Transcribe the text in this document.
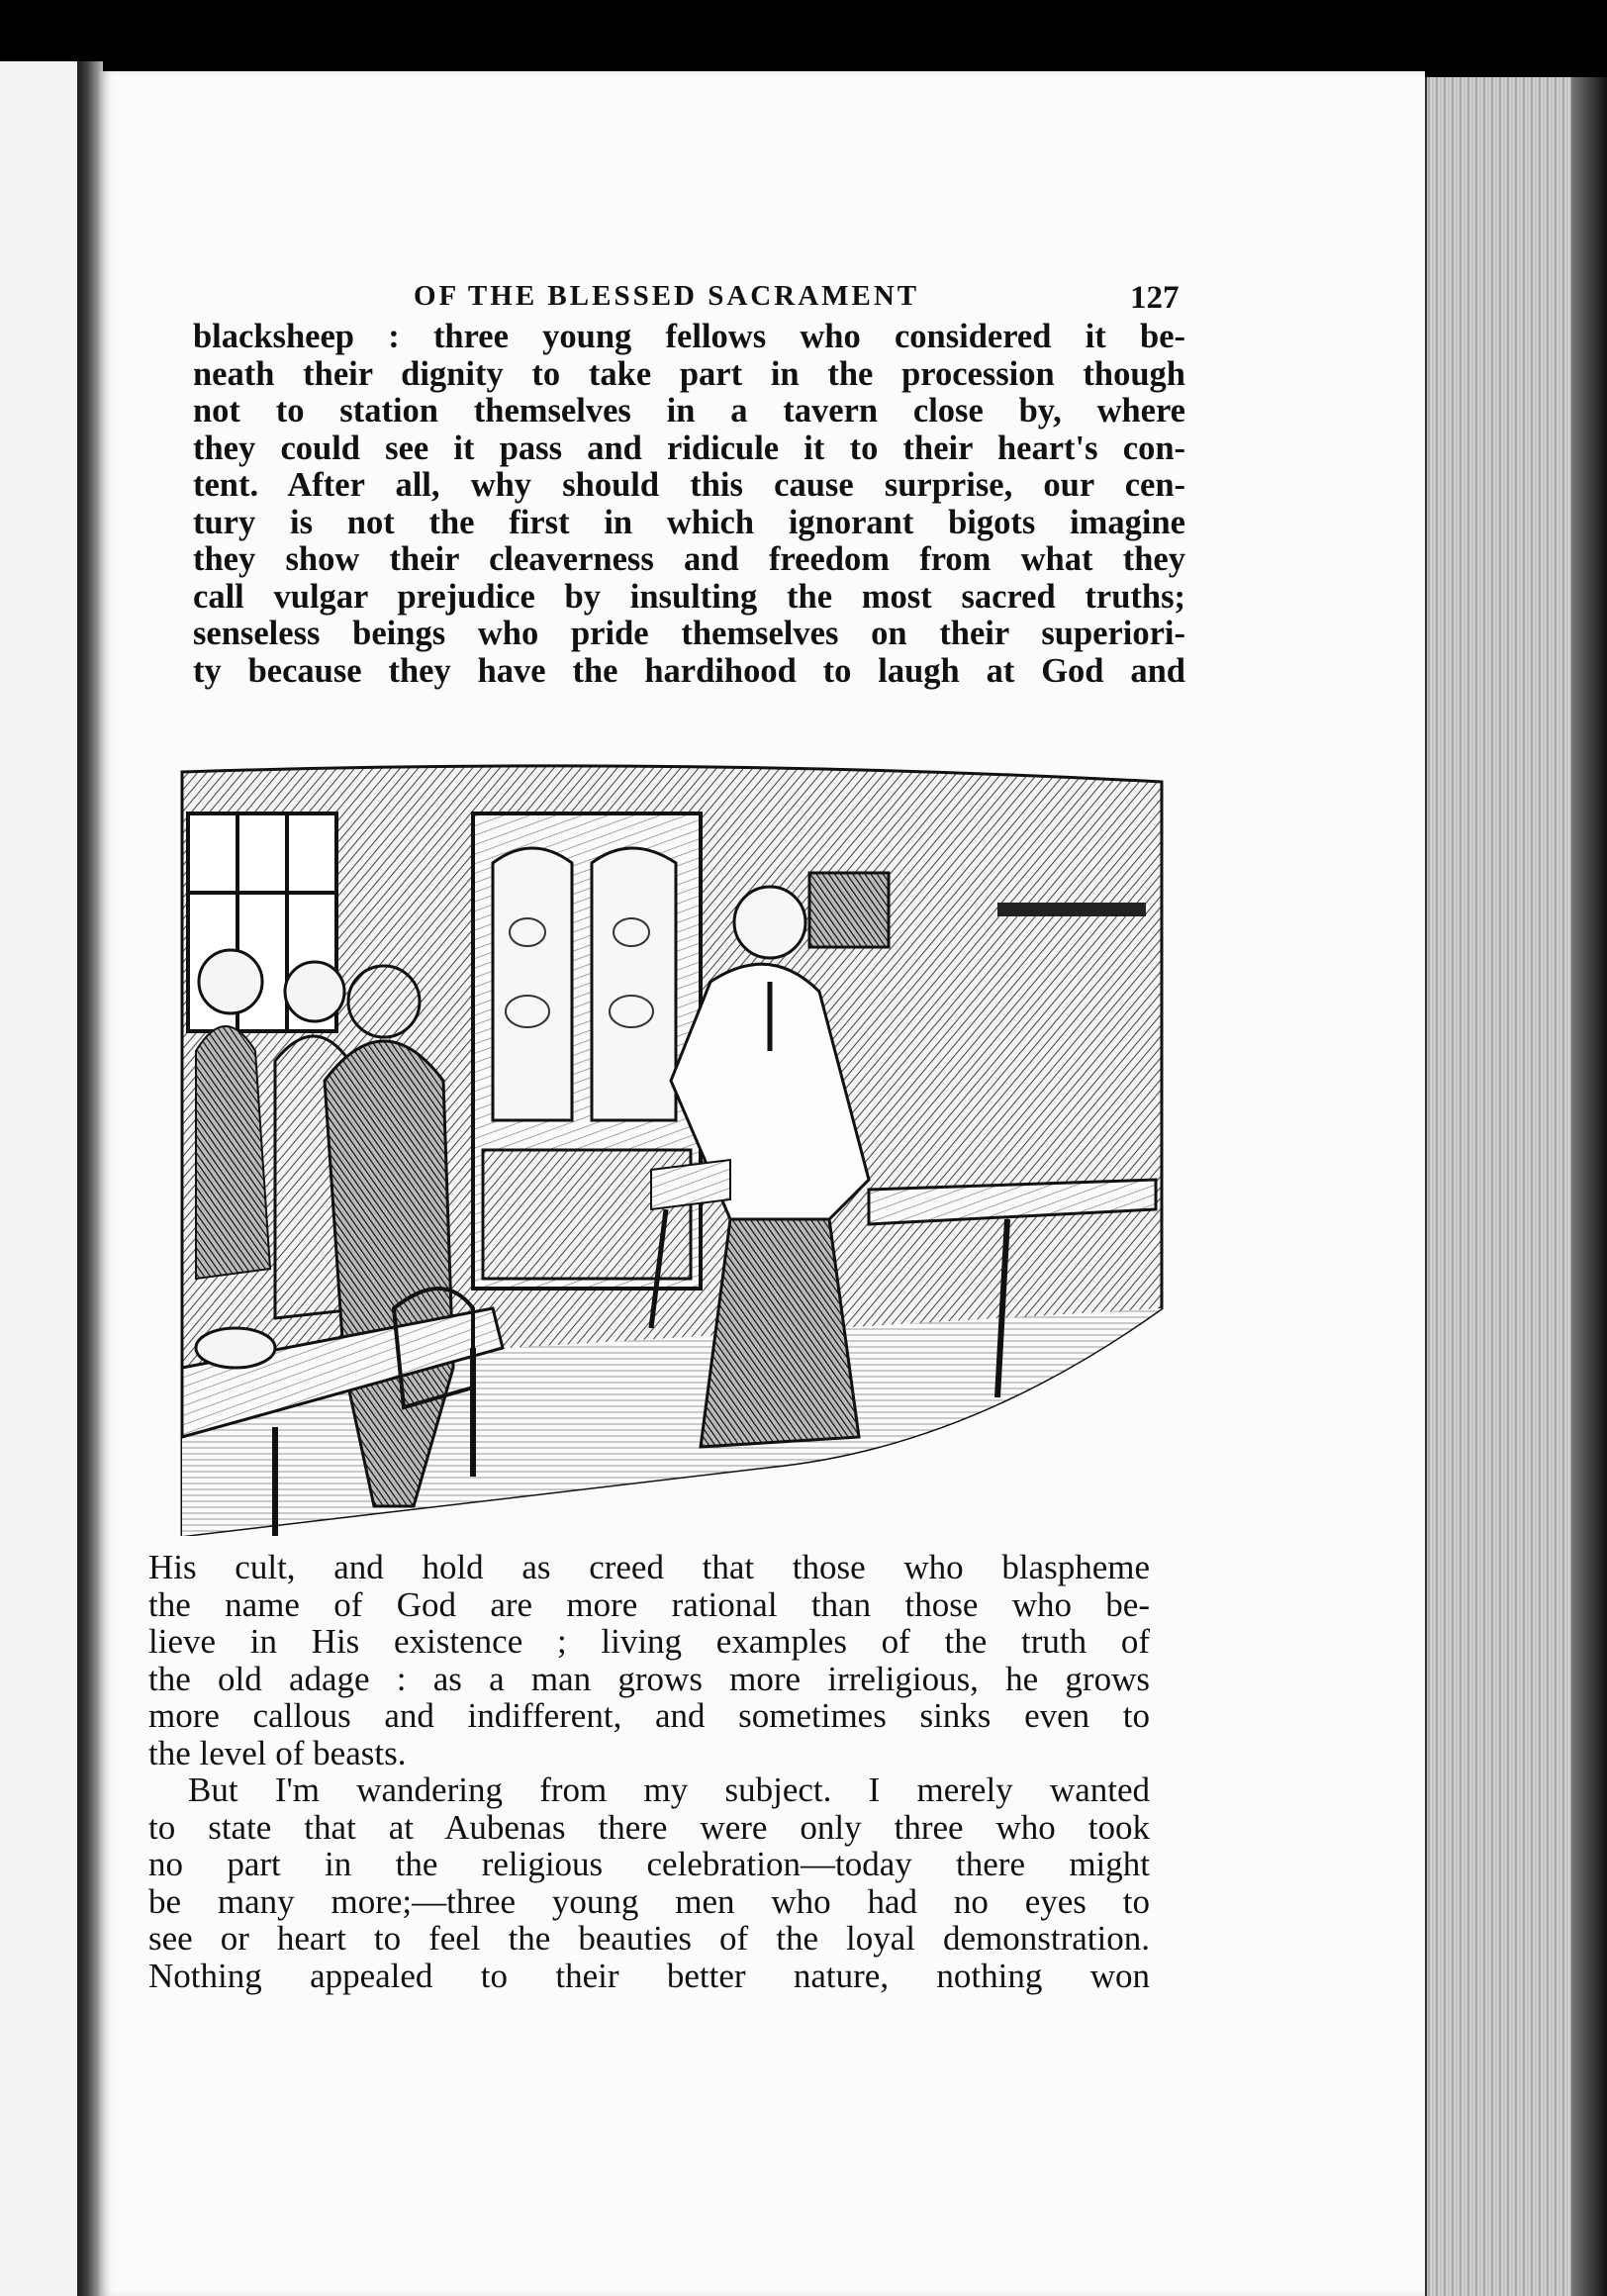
OF THE BLESSED SACRAMENT	127
blacksheep : three young fellows who considered it be-
neath their dignity to take part in the procession though
not to station themselves in a tavern close by, where
they could see it pass and ridicule it to their heart's con-
tent. After all, why should this cause surprise, our cen-
tury is not the first in which ignorant bigots imagine
they show their cleaverness and freedom from what they
call vulgar prejudice by insulting the most sacred truths;
senseless beings who pride themselves on their superiori-
ty because they have the hardihood to laugh at God and
His cult, and hold as creed that those who blaspheme
the name of God are more rational than those who be-
lieve in His existence ; living examples of the truth of
the old adage : as a man grows more irreligious, he grows
more callous and indifferent, and sometimes sinks even to
the level of beasts.
But I'm wandering from my subject. I merely wanted
to state that at Aubenas there were only three who took
no part in the religious celebration—today there might
be many more;—three young men who had no eyes to
see or heart to feel the beauties of the loyal demonstration.
Nothing appealed to their better nature, nothing won
